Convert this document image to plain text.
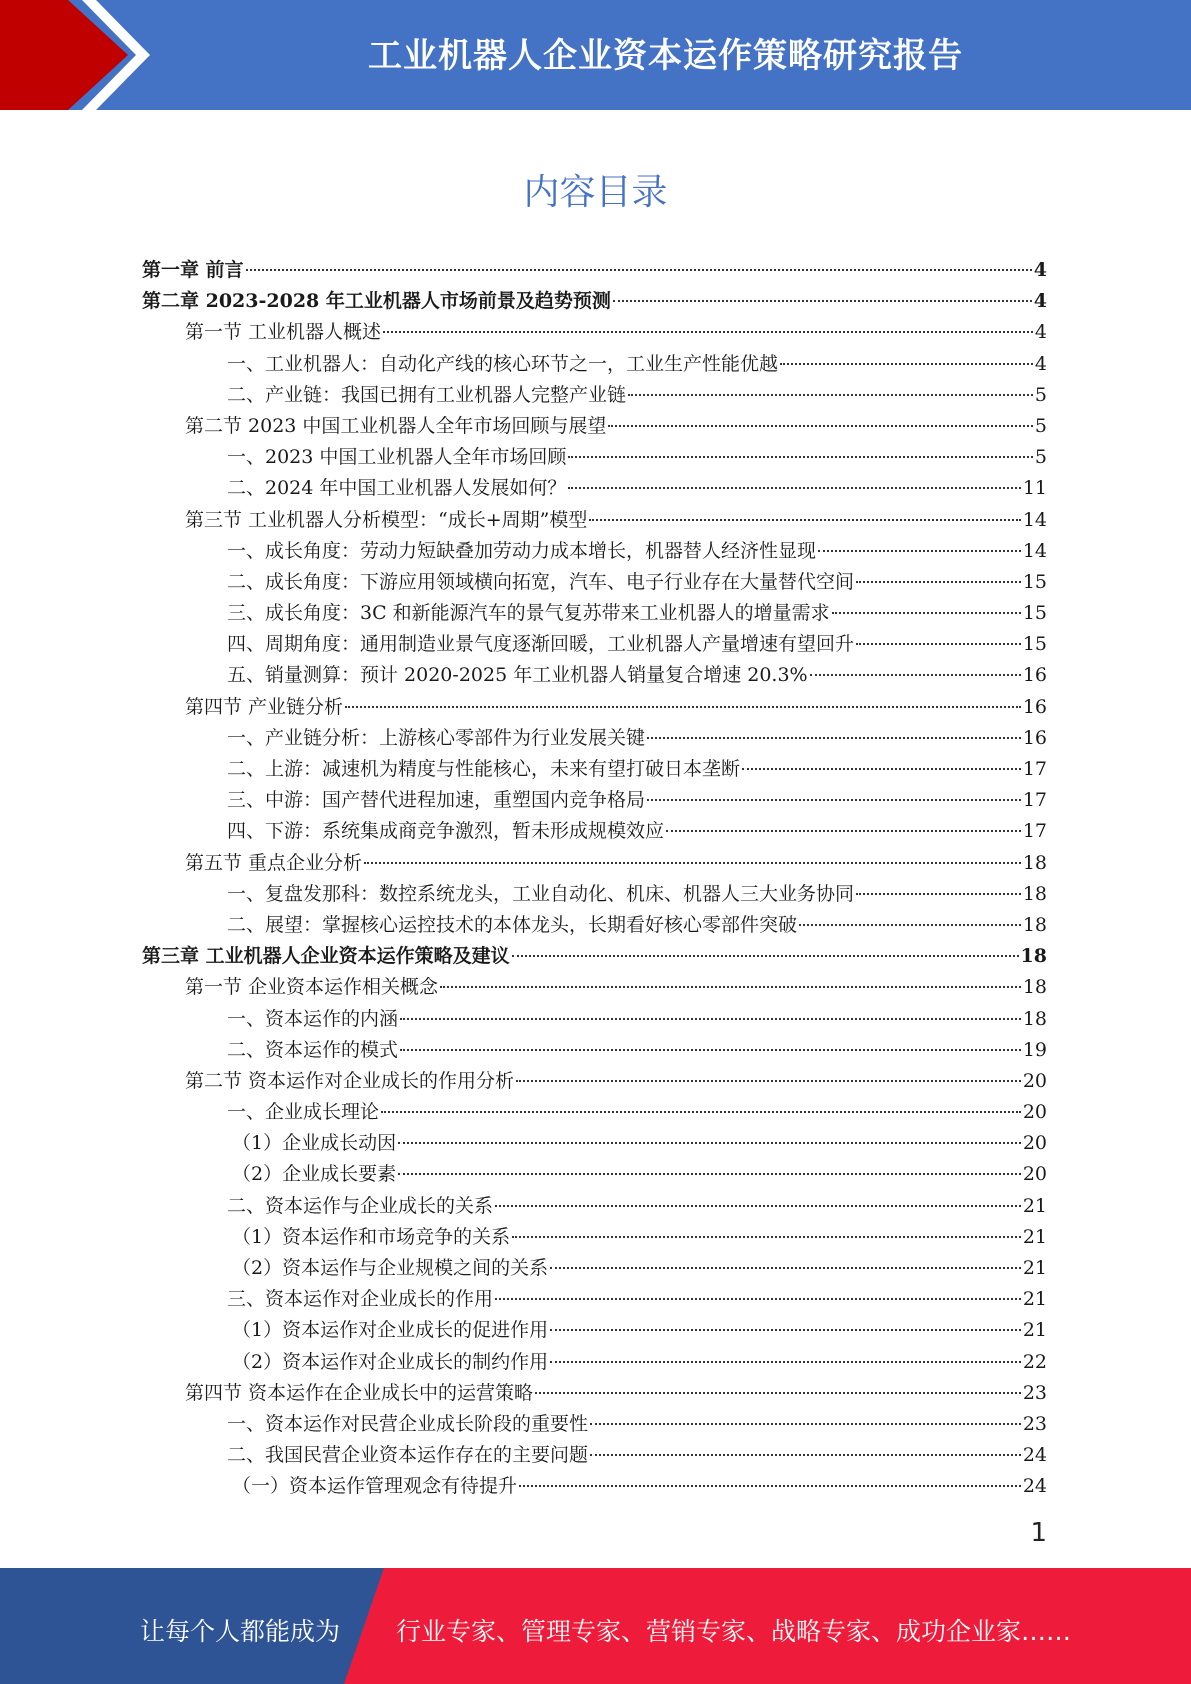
工业机器人企业资本运作策略研究报告
内容目录
第一章 前言	4
第二章 2023-2028 年工业机器人市场前景及趋势预测	4
第一节 工业机器人概述	4
一、工业机器人：自动化产线的核心环节之一，工业生产性能优越	4
二、产业链：我国已拥有工业机器人完整产业链	5
第二节 2023 中国工业机器人全年市场回顾与展望	5
一、2023 中国工业机器人全年市场回顾	5
二、2024 年中国工业机器人发展如何？	11
第三节 工业机器人分析模型：“成长+周期”模型	14
一、成长角度：劳动力短缺叠加劳动力成本增长，机器替人经济性显现	14
二、成长角度：下游应用领域横向拓宽，汽车、电子行业存在大量替代空间	15
三、成长角度：3C 和新能源汽车的景气复苏带来工业机器人的增量需求	15
四、周期角度：通用制造业景气度逐渐回暖，工业机器人产量增速有望回升	15
五、销量测算：预计 2020-2025 年工业机器人销量复合增速 20.3%	16
第四节 产业链分析	16
一、产业链分析：上游核心零部件为行业发展关键	16
二、上游：减速机为精度与性能核心，未来有望打破日本垄断	17
三、中游：国产替代进程加速，重塑国内竞争格局	17
四、下游：系统集成商竞争激烈，暂未形成规模效应	17
第五节 重点企业分析	18
一、复盘发那科：数控系统龙头，工业自动化、机床、机器人三大业务协同	18
二、展望：掌握核心运控技术的本体龙头，长期看好核心零部件突破	18
第三章 工业机器人企业资本运作策略及建议	18
第一节 企业资本运作相关概念	18
一、资本运作的内涵	18
二、资本运作的模式	19
第二节 资本运作对企业成长的作用分析	20
一、企业成长理论	20
（1）企业成长动因	20
（2）企业成长要素	20
二、资本运作与企业成长的关系	21
（1）资本运作和市场竞争的关系	21
（2）资本运作与企业规模之间的关系	21
三、资本运作对企业成长的作用	21
（1）资本运作对企业成长的促进作用	21
（2）资本运作对企业成长的制约作用	22
第四节 资本运作在企业成长中的运营策略	23
一、资本运作对民营企业成长阶段的重要性	23
二、我国民营企业资本运作存在的主要问题	24
（一）资本运作管理观念有待提升	24
1
让每个人都能成为 行业专家、管理专家、营销专家、战略专家、成功企业家……
